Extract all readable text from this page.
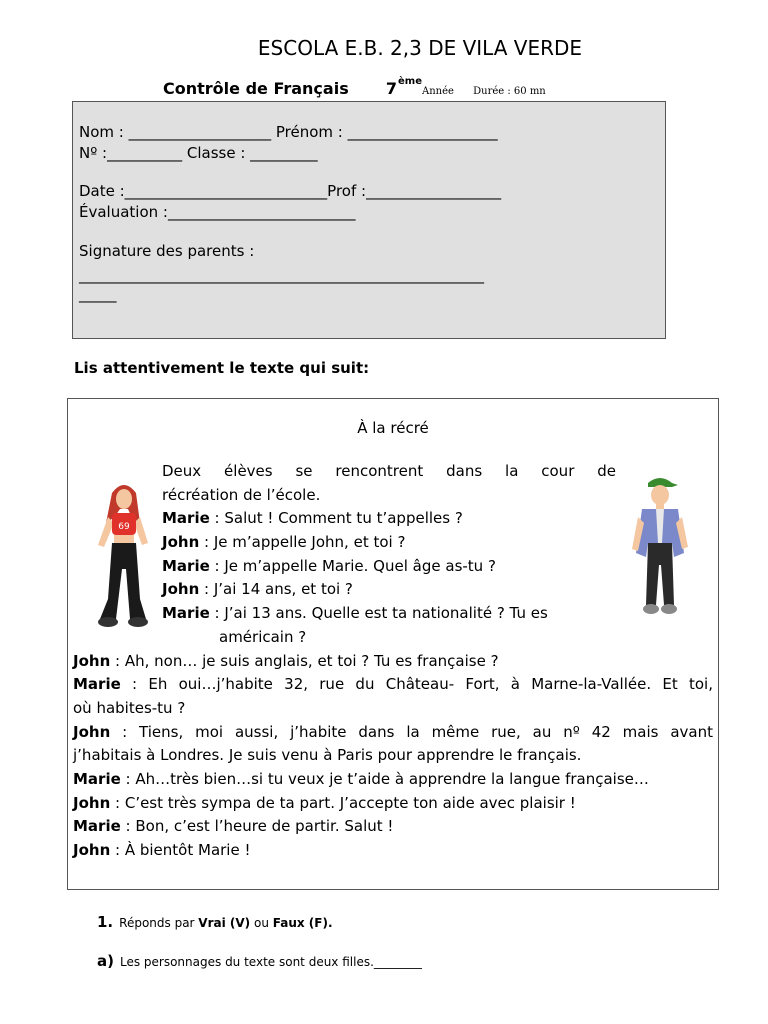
ESCOLA E.B. 2,3 DE VILA VERDE
Contrôle de Français 7èmeAnnée Durée : 60 mn
Nom : ___________________ Prénom : ____________________
Nº :__________ Classe : _________
Date :___________________________Prof :__________________
Évaluation :_________________________
Signature des parents :
______________________________________________________
_____
Lis attentivement le texte qui suit:
À la récré
69
Deux élèves se rencontrent dans la cour de
récréation de l’école.
Marie : Salut ! Comment tu t’appelles ?
John : Je m’appelle John, et toi ?
Marie : Je m’appelle Marie. Quel âge as-tu ?
John : J’ai 14 ans, et toi ?
Marie : J’ai 13 ans. Quelle est ta nationalité ? Tu es
américain ?
John : Ah, non… je suis anglais, et toi ? Tu es française ?
Marie : Eh oui…j’habite 32, rue du Château- Fort, à Marne-la-Vallée. Et toi,
où habites-tu ?
John : Tiens, moi aussi, j’habite dans la même rue, au nº 42 mais avant
j’habitais à Londres. Je suis venu à Paris pour apprendre le français.
Marie : Ah…très bien…si tu veux je t’aide à apprendre la langue française…
John : C’est très sympa de ta part. J’accepte ton aide avec plaisir !
Marie : Bon, c’est l’heure de partir. Salut !
John : À bientôt Marie !
1. Réponds par Vrai (V) ou Faux (F).
a) Les personnages du texte sont deux filles.________
